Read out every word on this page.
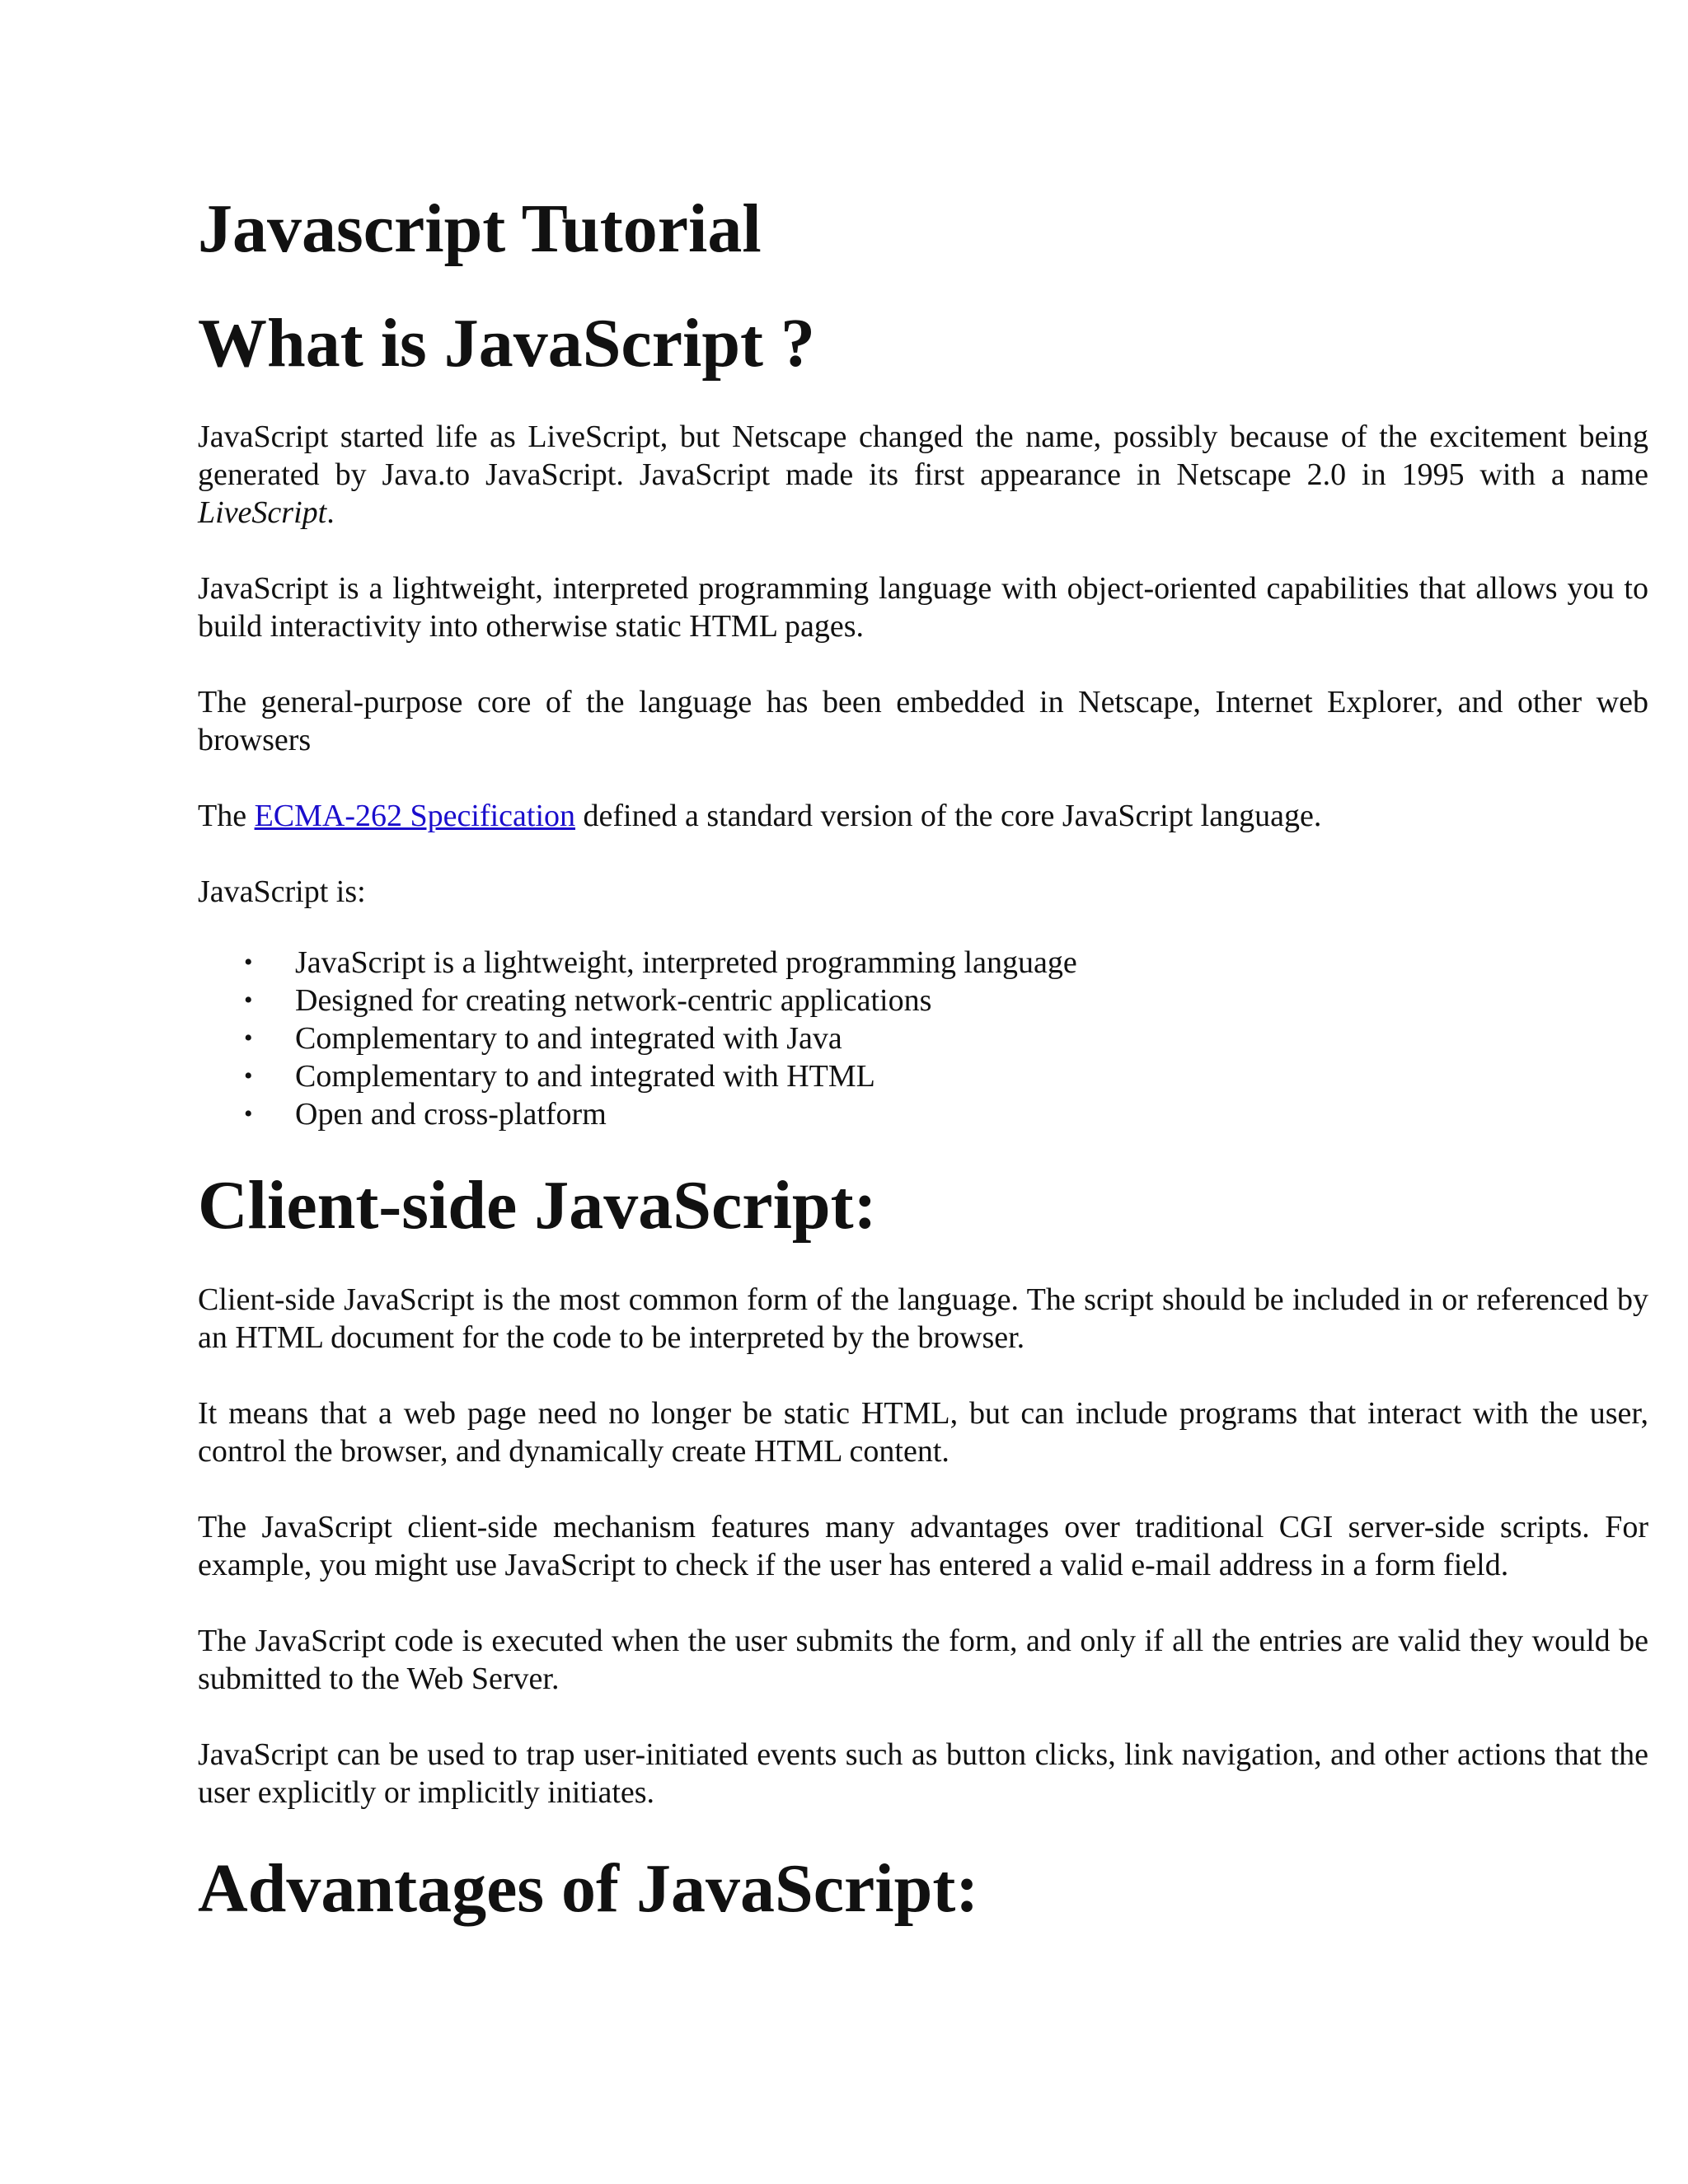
Javascript Tutorial
What is JavaScript ?

JavaScript started life as LiveScript, but Netscape changed the name, possibly because of the excitement being generated by Java.to JavaScript. JavaScript made its first appearance in Netscape 2.0 in 1995 with a name LiveScript.

JavaScript is a lightweight, interpreted programming language with object-oriented capabilities that allows you to build interactivity into otherwise static HTML pages.

The general-purpose core of the language has been embedded in Netscape, Internet Explorer, and other web browsers

The ECMA-262 Specification defined a standard version of the core JavaScript language.

JavaScript is:

• JavaScript is a lightweight, interpreted programming language
• Designed for creating network-centric applications
• Complementary to and integrated with Java
• Complementary to and integrated with HTML
• Open and cross-platform
Client-side JavaScript:

Client-side JavaScript is the most common form of the language. The script should be included in or referenced by an HTML document for the code to be interpreted by the browser.

It means that a web page need no longer be static HTML, but can include programs that interact with the user, control the browser, and dynamically create HTML content.

The JavaScript client-side mechanism features many advantages over traditional CGI server-side scripts. For example, you might use JavaScript to check if the user has entered a valid e-mail address in a form field.

The JavaScript code is executed when the user submits the form, and only if all the entries are valid they would be submitted to the Web Server.

JavaScript can be used to trap user-initiated events such as button clicks, link navigation, and other actions that the user explicitly or implicitly initiates.

Advantages of JavaScript:
